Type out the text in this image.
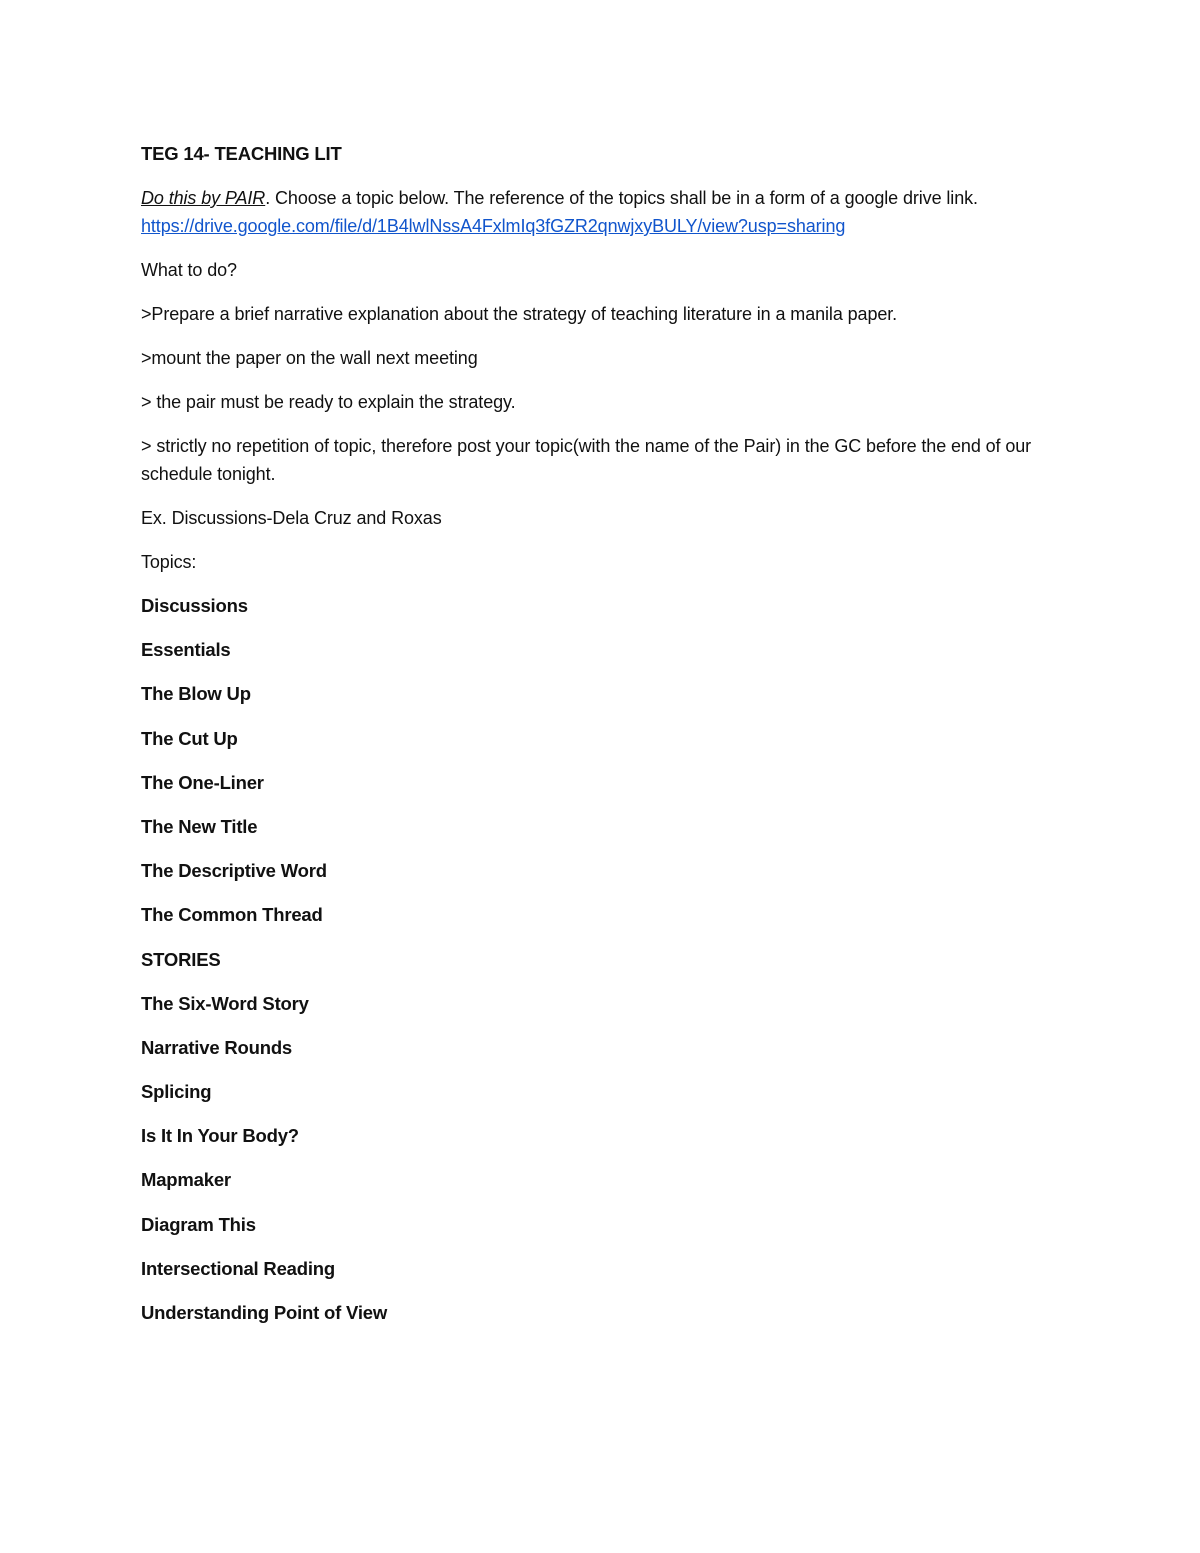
TEG 14- TEACHING LIT

Do this by PAIR. Choose a topic below. The reference of the topics shall be in a form of a google drive link. https://drive.google.com/file/d/1B4lwlNssA4FxlmIq3fGZR2qnwjxyBULY/view?usp=sharing

What to do?

>Prepare a brief narrative explanation about the strategy of teaching literature in a manila paper.

>mount the paper on the wall next meeting

> the pair must be ready to explain the strategy.

> strictly no repetition of topic, therefore post your topic(with the name of the Pair) in the GC before the end of our schedule tonight.

Ex. Discussions-Dela Cruz and Roxas

Topics:

Discussions
Essentials
The Blow Up
The Cut Up
The One-Liner
The New Title
The Descriptive Word
The Common Thread
STORIES
The Six-Word Story
Narrative Rounds
Splicing
Is It In Your Body?
Mapmaker
Diagram This
Intersectional Reading
Understanding Point of View
